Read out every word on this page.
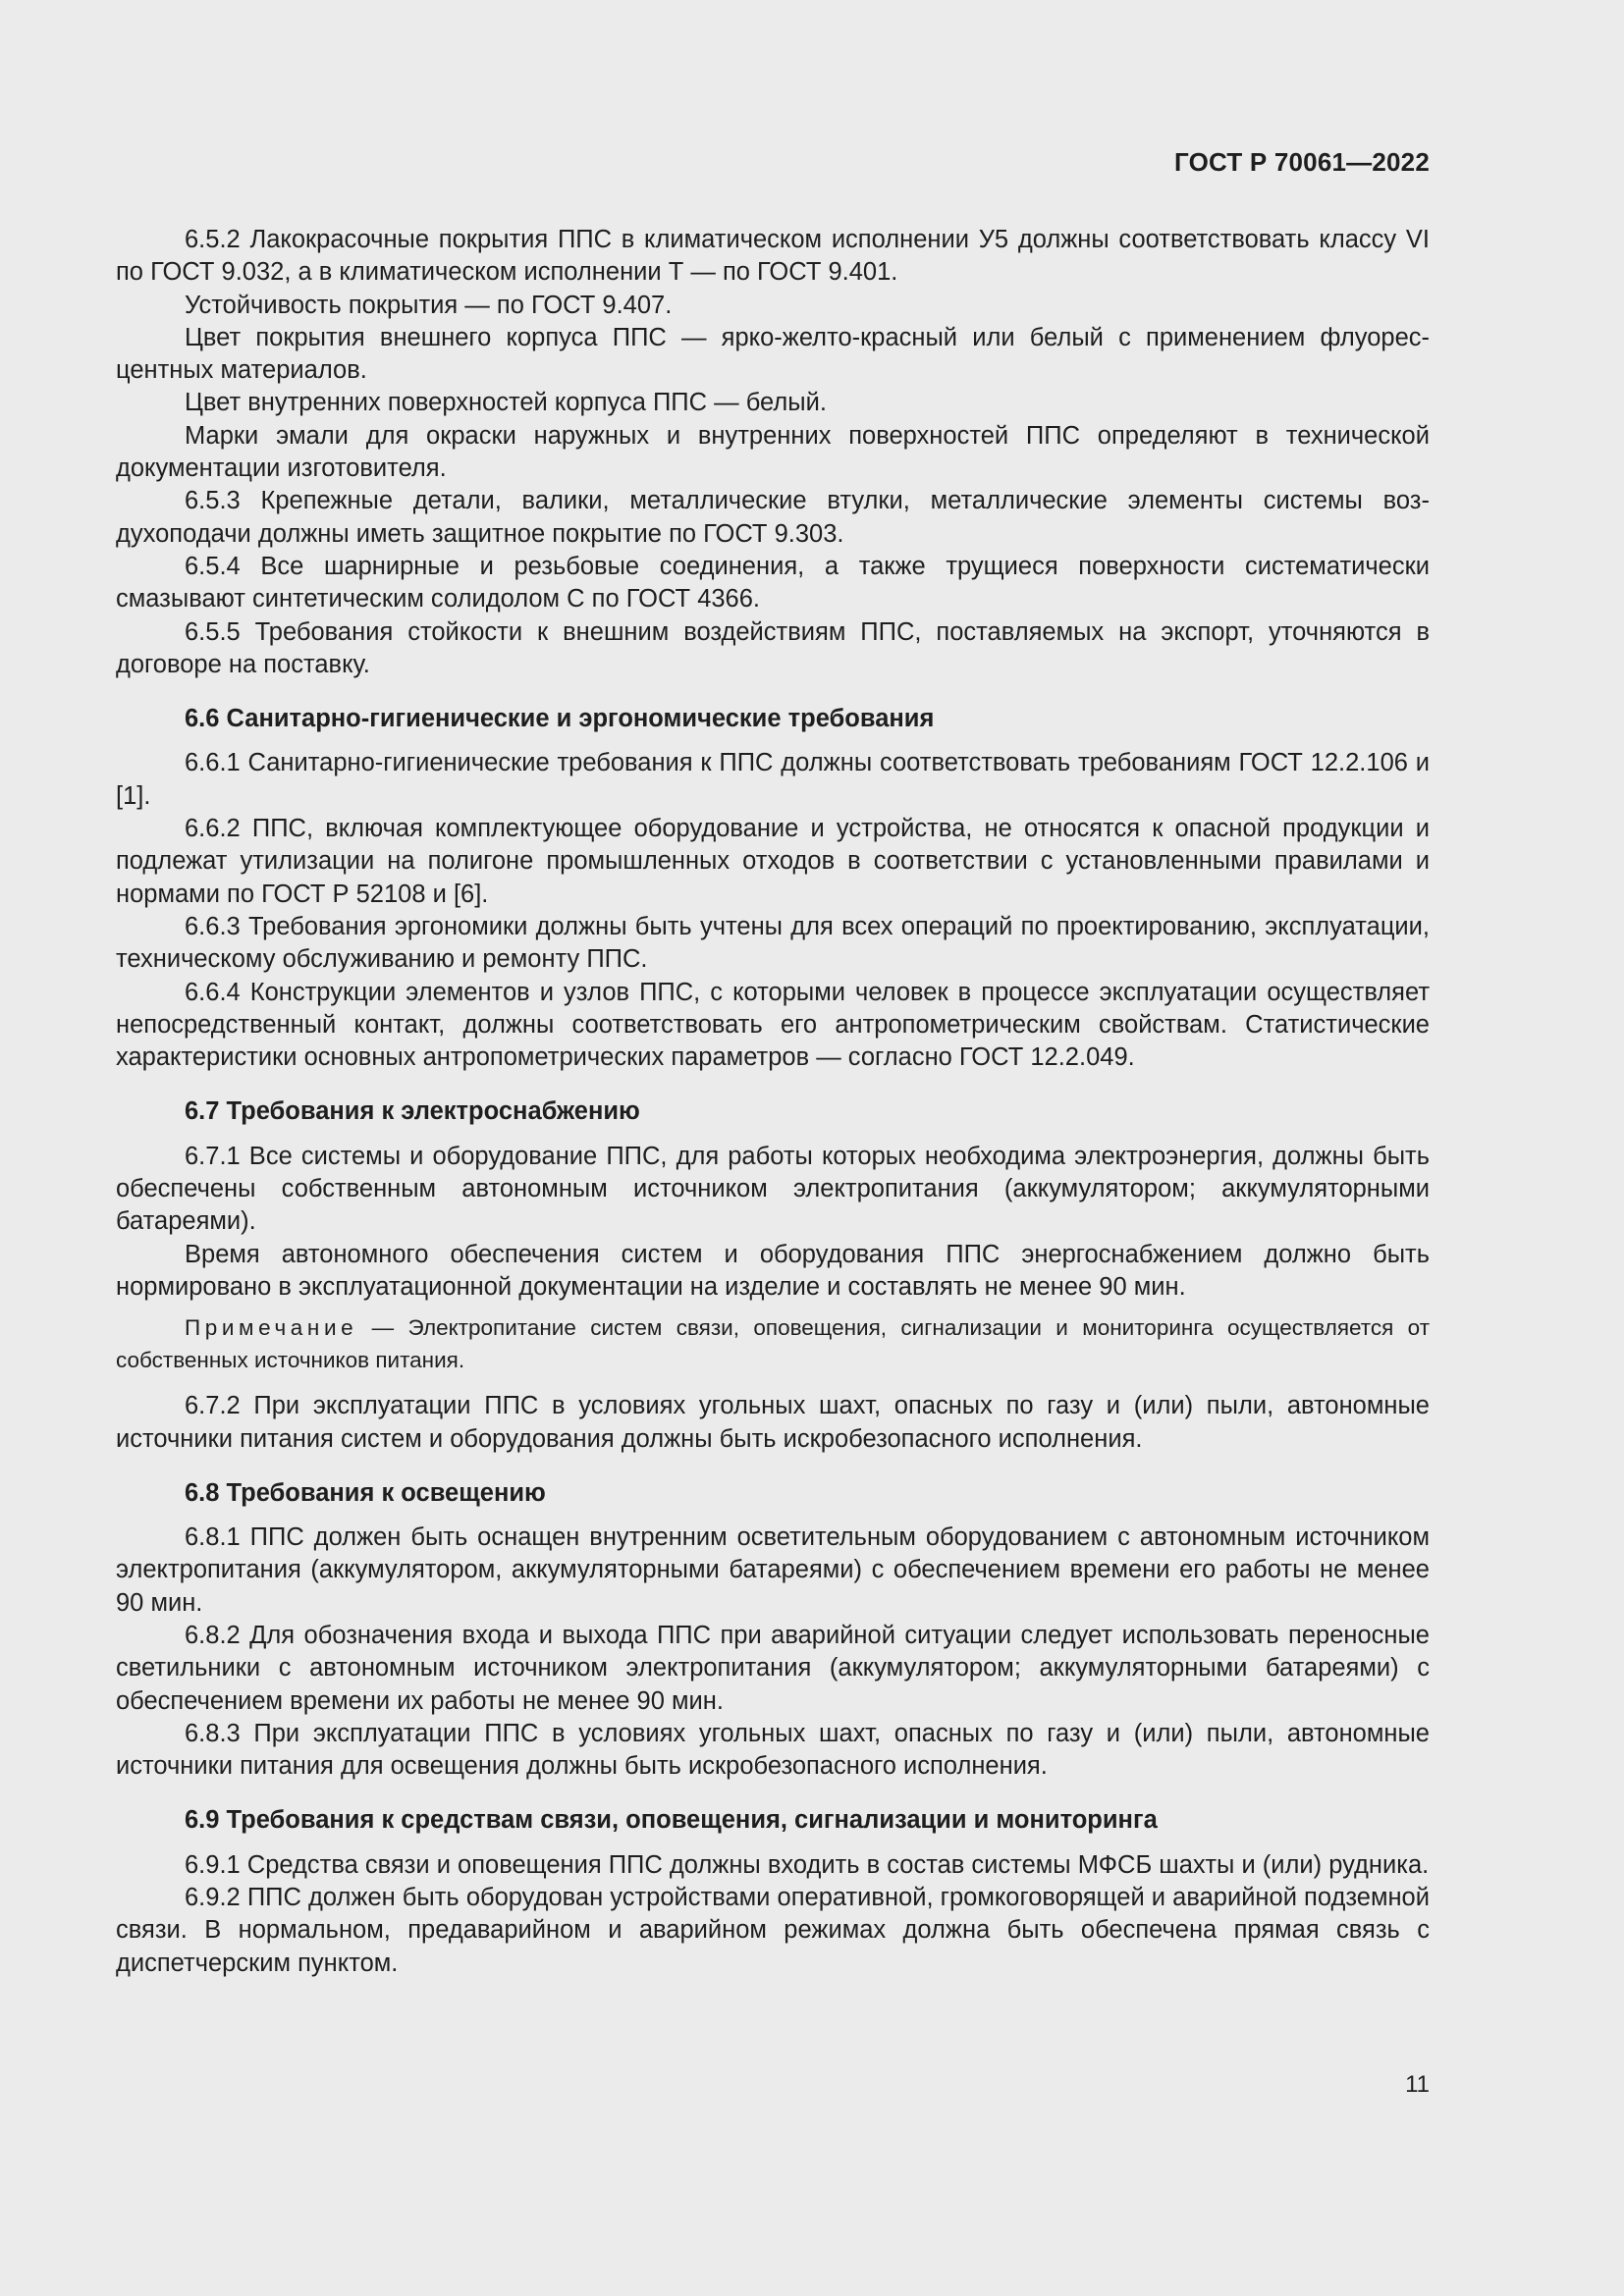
ГОСТ Р 70061—2022

6.5.2 Лакокрасочные покрытия ППС в климатическом исполнении У5 должны соответствовать классу VI по ГОСТ 9.032, а в климатическом исполнении Т — по ГОСТ 9.401.

Устойчивость покрытия — по ГОСТ 9.407.

Цвет покрытия внешнего корпуса ППС — ярко-желто-красный или белый с применением флуоресцентных материалов.

Цвет внутренних поверхностей корпуса ППС — белый.

Марки эмали для окраски наружных и внутренних поверхностей ППС определяют в технической документации изготовителя.

6.5.3 Крепежные детали, валики, металлические втулки, металлические элементы системы воздухоподачи должны иметь защитное покрытие по ГОСТ 9.303.

6.5.4 Все шарнирные и резьбовые соединения, а также трущиеся поверхности систематически смазывают синтетическим солидолом С по ГОСТ 4366.

6.5.5 Требования стойкости к внешним воздействиям ППС, поставляемых на экспорт, уточняются в договоре на поставку.

6.6 Санитарно-гигиенические и эргономические требования

6.6.1 Санитарно-гигиенические требования к ППС должны соответствовать требованиям ГОСТ 12.2.106 и [1].

6.6.2 ППС, включая комплектующее оборудование и устройства, не относятся к опасной продукции и подлежат утилизации на полигоне промышленных отходов в соответствии с установленными правилами и нормами по ГОСТ Р 52108 и [6].

6.6.3 Требования эргономики должны быть учтены для всех операций по проектированию, эксплуатации, техническому обслуживанию и ремонту ППС.

6.6.4 Конструкции элементов и узлов ППС, с которыми человек в процессе эксплуатации осуществляет непосредственный контакт, должны соответствовать его антропометрическим свойствам. Статистические характеристики основных антропометрических параметров — согласно ГОСТ 12.2.049.

6.7 Требования к электроснабжению

6.7.1 Все системы и оборудование ППС, для работы которых необходима электроэнергия, должны быть обеспечены собственным автономным источником электропитания (аккумулятором; аккумуляторными батареями).

Время автономного обеспечения систем и оборудования ППС энергоснабжением должно быть нормировано в эксплуатационной документации на изделие и составлять не менее 90 мин.

Примечание — Электропитание систем связи, оповещения, сигнализации и мониторинга осуществляется от собственных источников питания.

6.7.2 При эксплуатации ППС в условиях угольных шахт, опасных по газу и (или) пыли, автономные источники питания систем и оборудования должны быть искробезопасного исполнения.

6.8 Требования к освещению

6.8.1 ППС должен быть оснащен внутренним осветительным оборудованием с автономным источником электропитания (аккумулятором, аккумуляторными батареями) с обеспечением времени его работы не менее 90 мин.

6.8.2 Для обозначения входа и выхода ППС при аварийной ситуации следует использовать переносные светильники с автономным источником электропитания (аккумулятором; аккумуляторными батареями) с обеспечением времени их работы не менее 90 мин.

6.8.3 При эксплуатации ППС в условиях угольных шахт, опасных по газу и (или) пыли, автономные источники питания для освещения должны быть искробезопасного исполнения.

6.9 Требования к средствам связи, оповещения, сигнализации и мониторинга

6.9.1 Средства связи и оповещения ППС должны входить в состав системы МФСБ шахты и (или) рудника.

6.9.2 ППС должен быть оборудован устройствами оперативной, громкоговорящей и аварийной подземной связи. В нормальном, предаварийном и аварийном режимах должна быть обеспечена прямая связь с диспетчерским пунктом.

11
